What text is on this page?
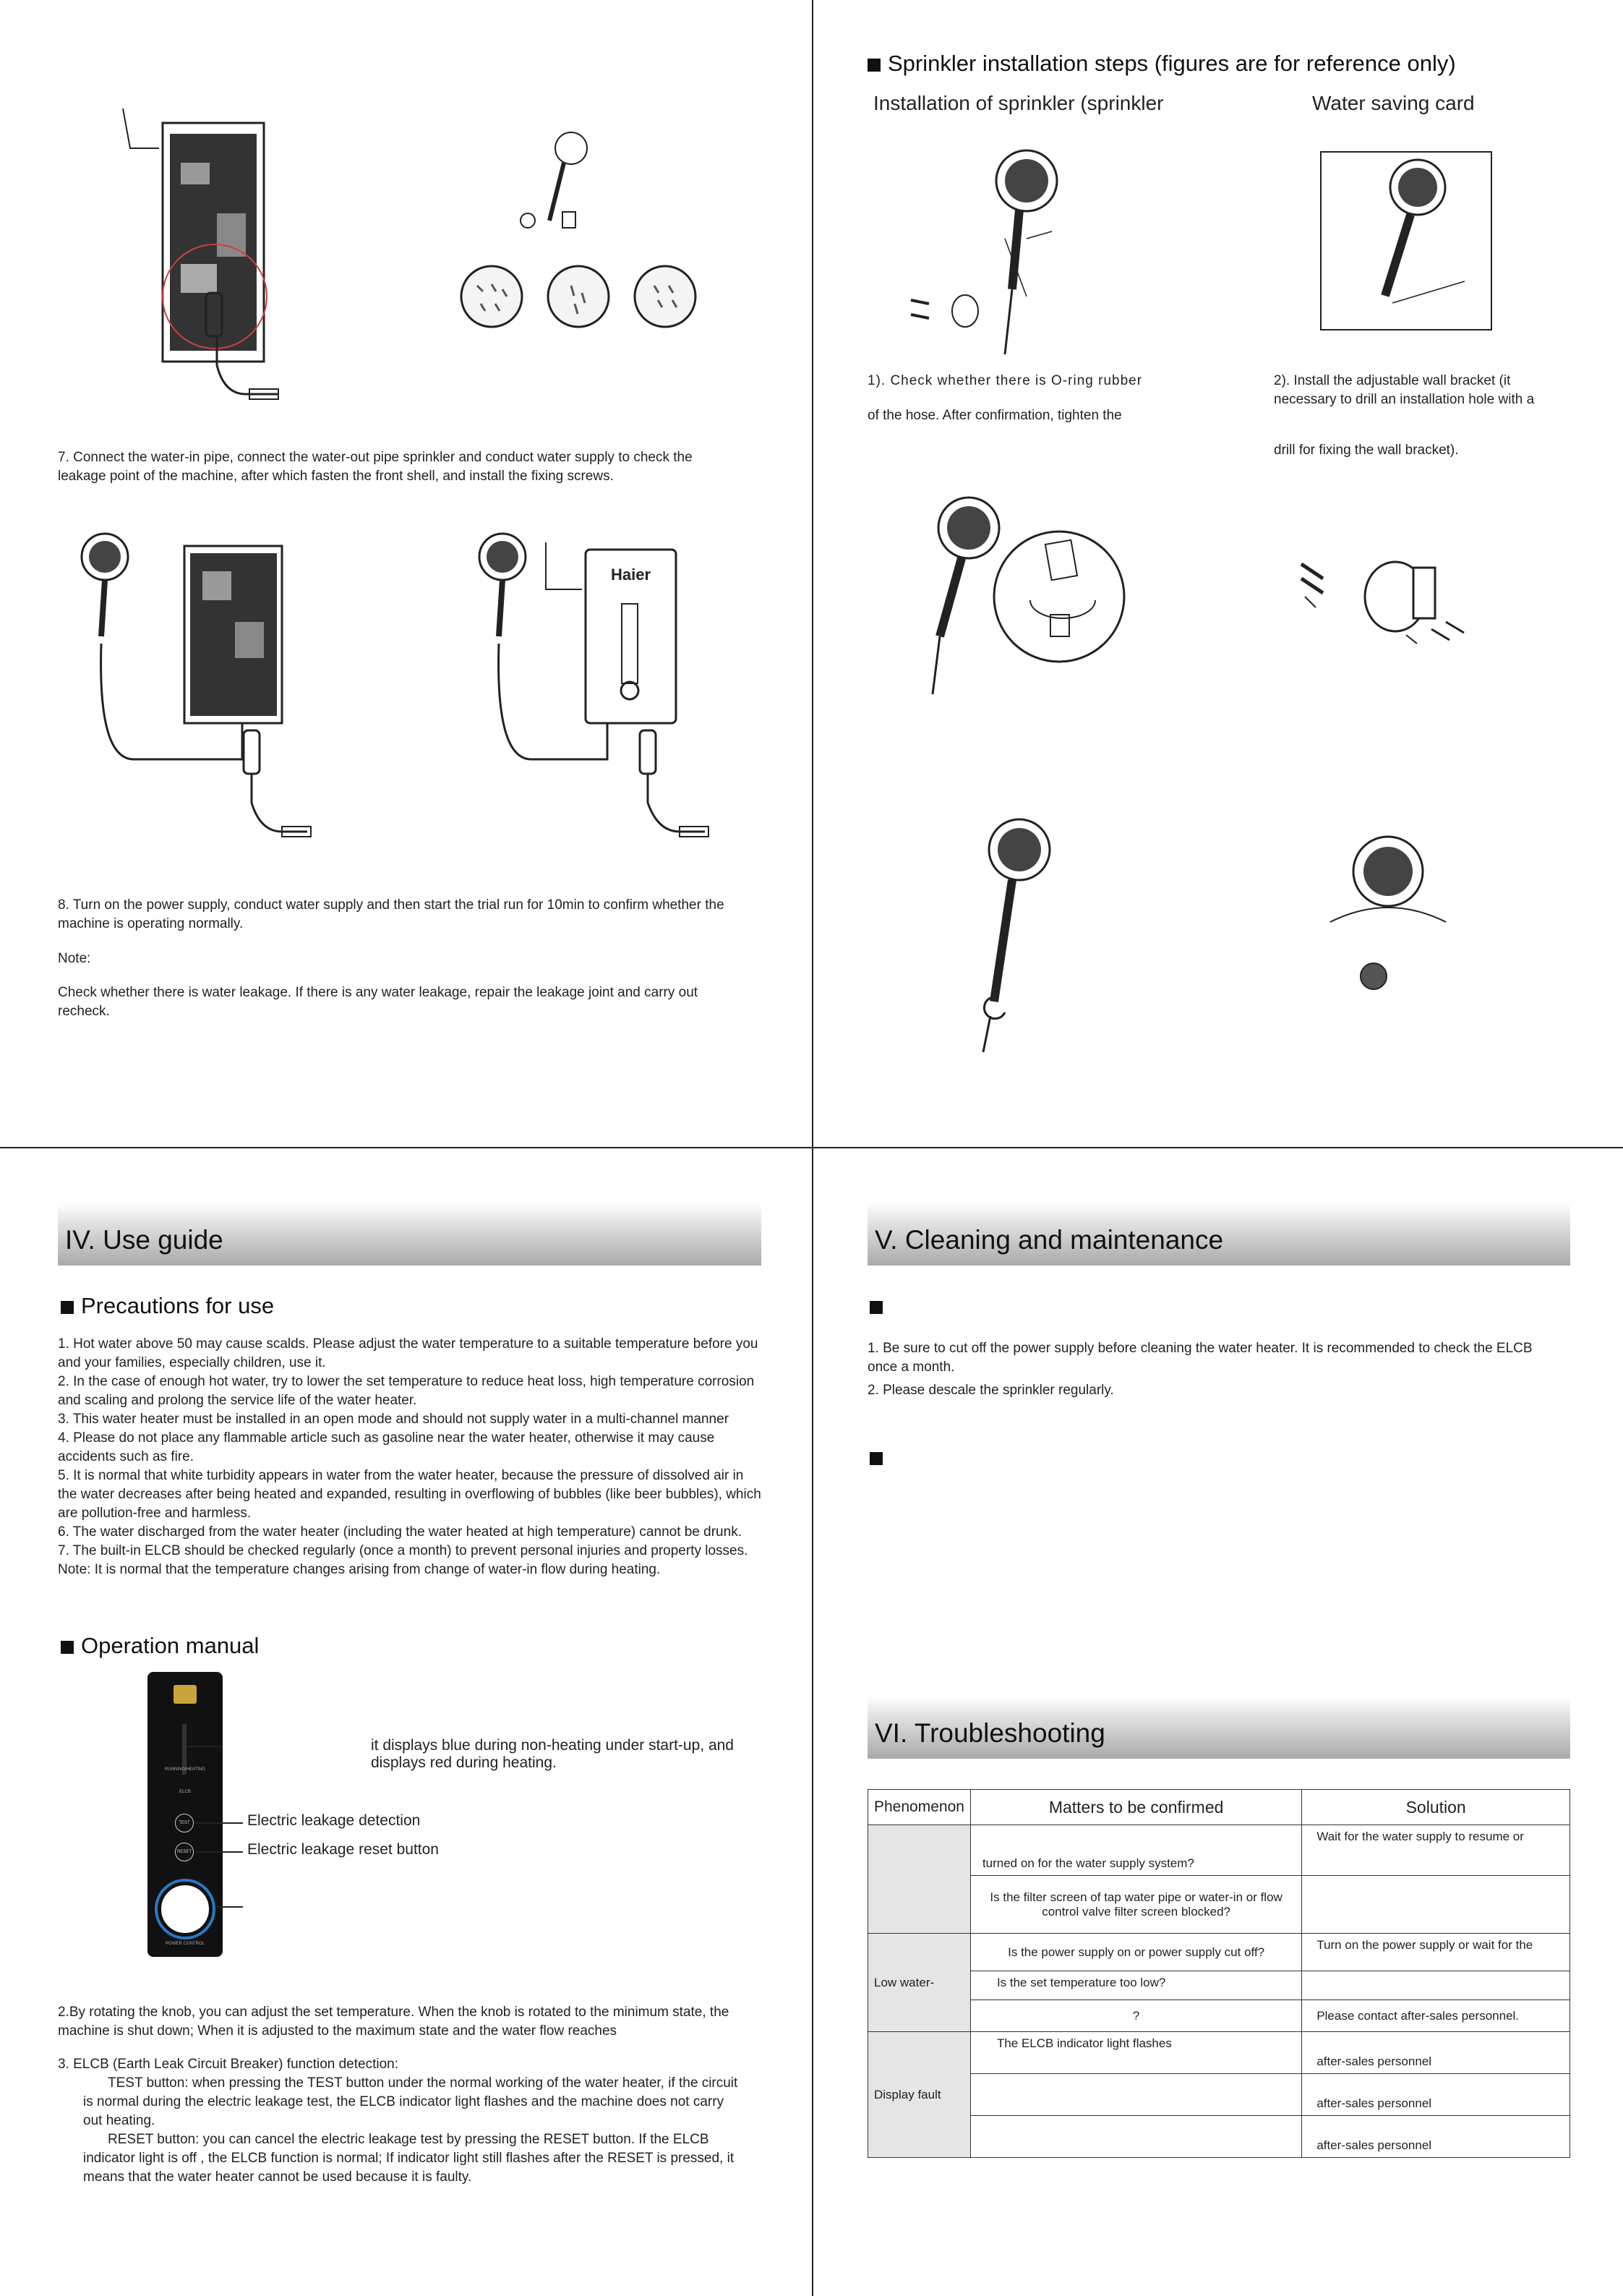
7. Connect the water-in pipe, connect the water-out pipe sprinkler and conduct water supply to check the leakage point of the machine, after which fasten the front shell, and install the fixing screws.
Haier
8. Turn on the power supply, conduct water supply and then start the trial run for 10min to confirm whether the machine is operating normally.
Note:
Check whether there is water leakage. If there is any water leakage, repair the leakage joint and carry out recheck.
Sprinkler installation steps (figures are for reference only)
Installation of sprinkler (sprinkler	Water saving card
1). Check whether there is O-ring rubber
of the hose. After confirmation, tighten the
2). Install the adjustable wall bracket (it necessary to drill an installation hole with a
drill for fixing the wall bracket).
IV. Use guide
Precautions for use
1. Hot water above 50 may cause scalds. Please adjust the water temperature to a suitable temperature before you and your families, especially children, use it.
2. In the case of enough hot water, try to lower the set temperature to reduce heat loss, high temperature corrosion and scaling and prolong the service life of the water heater.
3. This water heater must be installed in an open mode and should not supply water in a multi-channel manner
4. Please do not place any flammable article such as gasoline near the water heater, otherwise it may cause accidents such as fire.
5. It is normal that white turbidity appears in water from the water heater, because the pressure of dissolved air in the water decreases after being heated and expanded, resulting in overflowing of bubbles (like beer bubbles), which are pollution-free and harmless.
6. The water discharged from the water heater (including the water heated at high temperature) cannot be drunk.
7. The built-in ELCB should be checked regularly (once a month) to prevent personal injuries and property losses.
Note: It is normal that the temperature changes arising from change of water-in flow during heating.
Operation manual
RUNNING/HEATING
ELCB
TEST
RESET
POWER CONTROL
it displays blue during non-heating under start-up, and displays red during heating.
Electric leakage detection
Electric leakage reset button
2.By rotating the knob, you can adjust the set temperature. When the knob is rotated to the minimum state, the machine is shut down; When it is adjusted to the maximum state and the water flow reaches
3. ELCB (Earth Leak Circuit Breaker) function detection:
TEST button: when pressing the TEST button under the normal working of the water heater, if the circuit is normal during the electric leakage test, the ELCB indicator light flashes and the machine does not carry out heating.
RESET button: you can cancel the electric leakage test by pressing the RESET button. If the ELCB indicator light is off , the ELCB function is normal; If indicator light still flashes after the RESET is pressed, it means that the water heater cannot be used because it is faulty.
V. Cleaning and maintenance
1. Be sure to cut off the power supply before cleaning the water heater. It is recommended to check the ELCB once a month.
2. Please descale the sprinkler regularly.
VI. Troubleshooting
Phenomenon	Matters to be confirmed	Solution
	turned on for the water supply system?	Wait for the water supply to resume or
	Is the filter screen of tap water pipe or water-in or flow control valve filter screen blocked?	
Low water-	Is the power supply on or power supply cut off?	Turn on the power supply or wait for the
	Is the set temperature too low?	
	?	Please contact after-sales personnel.
Display fault	The ELCB indicator light flashes	after-sales personnel
		after-sales personnel
		after-sales personnel
